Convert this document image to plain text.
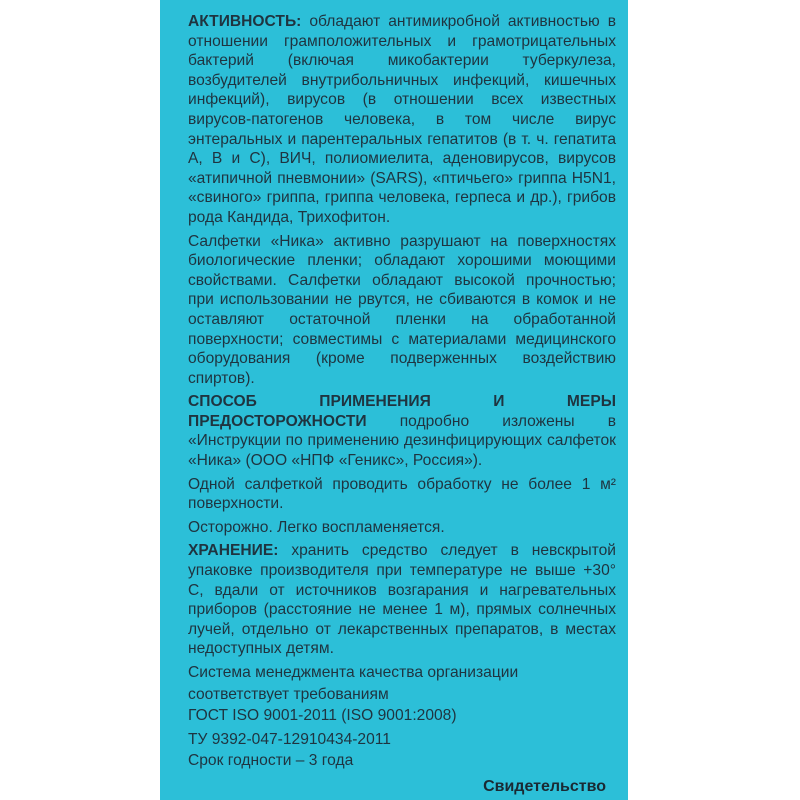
АКТИВНОСТЬ: обладают антимикробной активностью в отношении грамположительных и грамотрицательных бактерий (включая микобактерии туберкулеза, возбудителей внутрибольничных инфекций, кишечных инфекций), вирусов (в отношении всех известных вирусов-патогенов человека, в том числе вирус энтеральных и парентеральных гепатитов (в т. ч. гепатита А, В и С), ВИЧ, полиомиелита, аденовирусов, вирусов «атипичной пневмонии» (SARS), «птичьего» гриппа H5N1, «свиного» гриппа, гриппа человека, герпеса и др.), грибов рода Кандида, Трихофитон.

Салфетки «Ника» активно разрушают на поверхностях биологические пленки; обладают хорошими моющими свойствами. Салфетки обладают высокой прочностью; при использовании не рвутся, не сбиваются в комок и не оставляют остаточной пленки на обработанной поверхности; совместимы с материалами медицинского оборудования (кроме подверженных воздействию спиртов).

СПОСОБ ПРИМЕНЕНИЯ И МЕРЫ ПРЕДОСТОРОЖНОСТИ подробно изложены в «Инструкции по применению дезинфицирующих салфеток «Ника» (ООО «НПФ «Геникс», Россия»).

Одной салфеткой проводить обработку не более 1 м² поверхности.

Осторожно. Легко воспламеняется.

ХРАНЕНИЕ: хранить средство следует в невскрытой упаковке производителя при температуре не выше +30° С, вдали от источников возгарания и нагревательных приборов (расстояние не менее 1 м), прямых солнечных лучей, отдельно от лекарственных препаратов, в местах недоступных детям.

Система менеджмента качества организации

соответствует требованиям

ГОСТ ISO 9001-2011 (ISO 9001:2008)

ТУ 9392-047-12910434-2011

Срок годности – 3 года

Свидетельство
